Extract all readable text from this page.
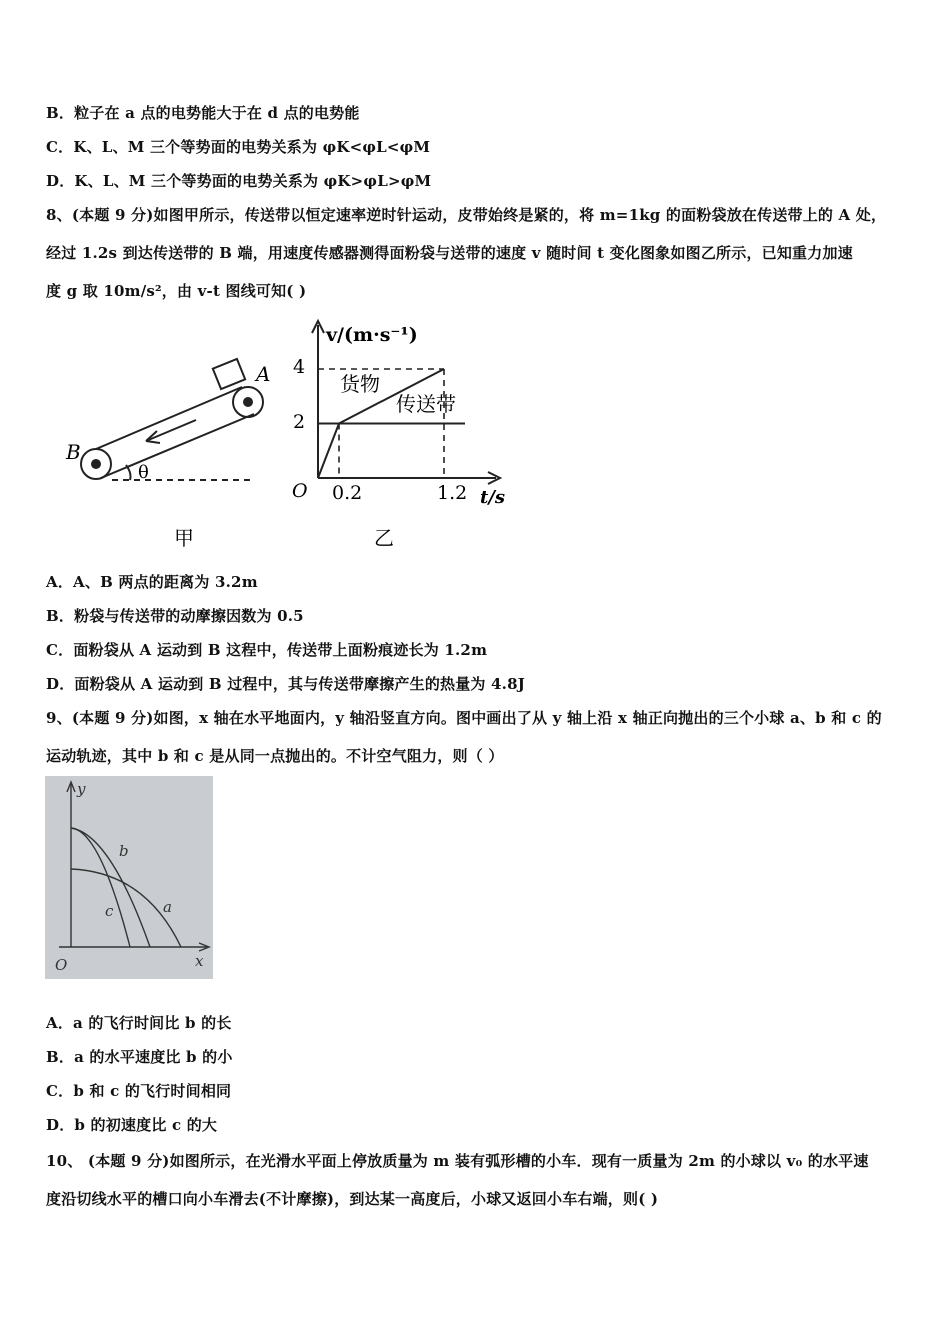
B．粒子在 a 点的电势能大于在 d 点的电势能
C．K、L、M 三个等势面的电势关系为 φK<φL<φM
D．K、L、M 三个等势面的电势关系为 φK>φL>φM
8、(本题 9 分)如图甲所示，传送带以恒定速率逆时针运动，皮带始终是紧的，将 m=1kg 的面粉袋放在传送带上的 A 处，
经过 1.2s 到达传送带的 B 端，用速度传感器测得面粉袋与送带的速度 v 随时间 t 变化图象如图乙所示，已知重力加速
度 g 取 10m/s²，由 v-t 图线可知( )
A．A、B 两点的距离为 3.2m
B．粉袋与传送带的动摩擦因数为 0.5
C．面粉袋从 A 运动到 B 这程中，传送带上面粉痕迹长为 1.2m
D．面粉袋从 A 运动到 B 过程中，其与传送带摩擦产生的热量为 4.8J
9、(本题 9 分)如图，x 轴在水平地面内，y 轴沿竖直方向。图中画出了从 y 轴上沿 x 轴正向抛出的三个小球 a、b 和 c 的
运动轨迹，其中 b 和 c 是从同一点抛出的。不计空气阻力，则（ ）
A．a 的飞行时间比 b 的长
B．a 的水平速度比 b 的小
C．b 和 c 的飞行时间相同
D．b 的初速度比 c 的大
10、 (本题 9 分)如图所示，在光滑水平面上停放质量为 m 装有弧形槽的小车．现有一质量为 2m 的小球以 v₀ 的水平速
度沿切线水平的槽口向小车滑去(不计摩擦)，到达某一高度后，小球又返回小车右端，则( )
A
B
θ
甲
v/(m·s⁻¹)
O
4
2
0.2	1.2 t/s
货物
传送带
乙
y
x
O
a
b
c
